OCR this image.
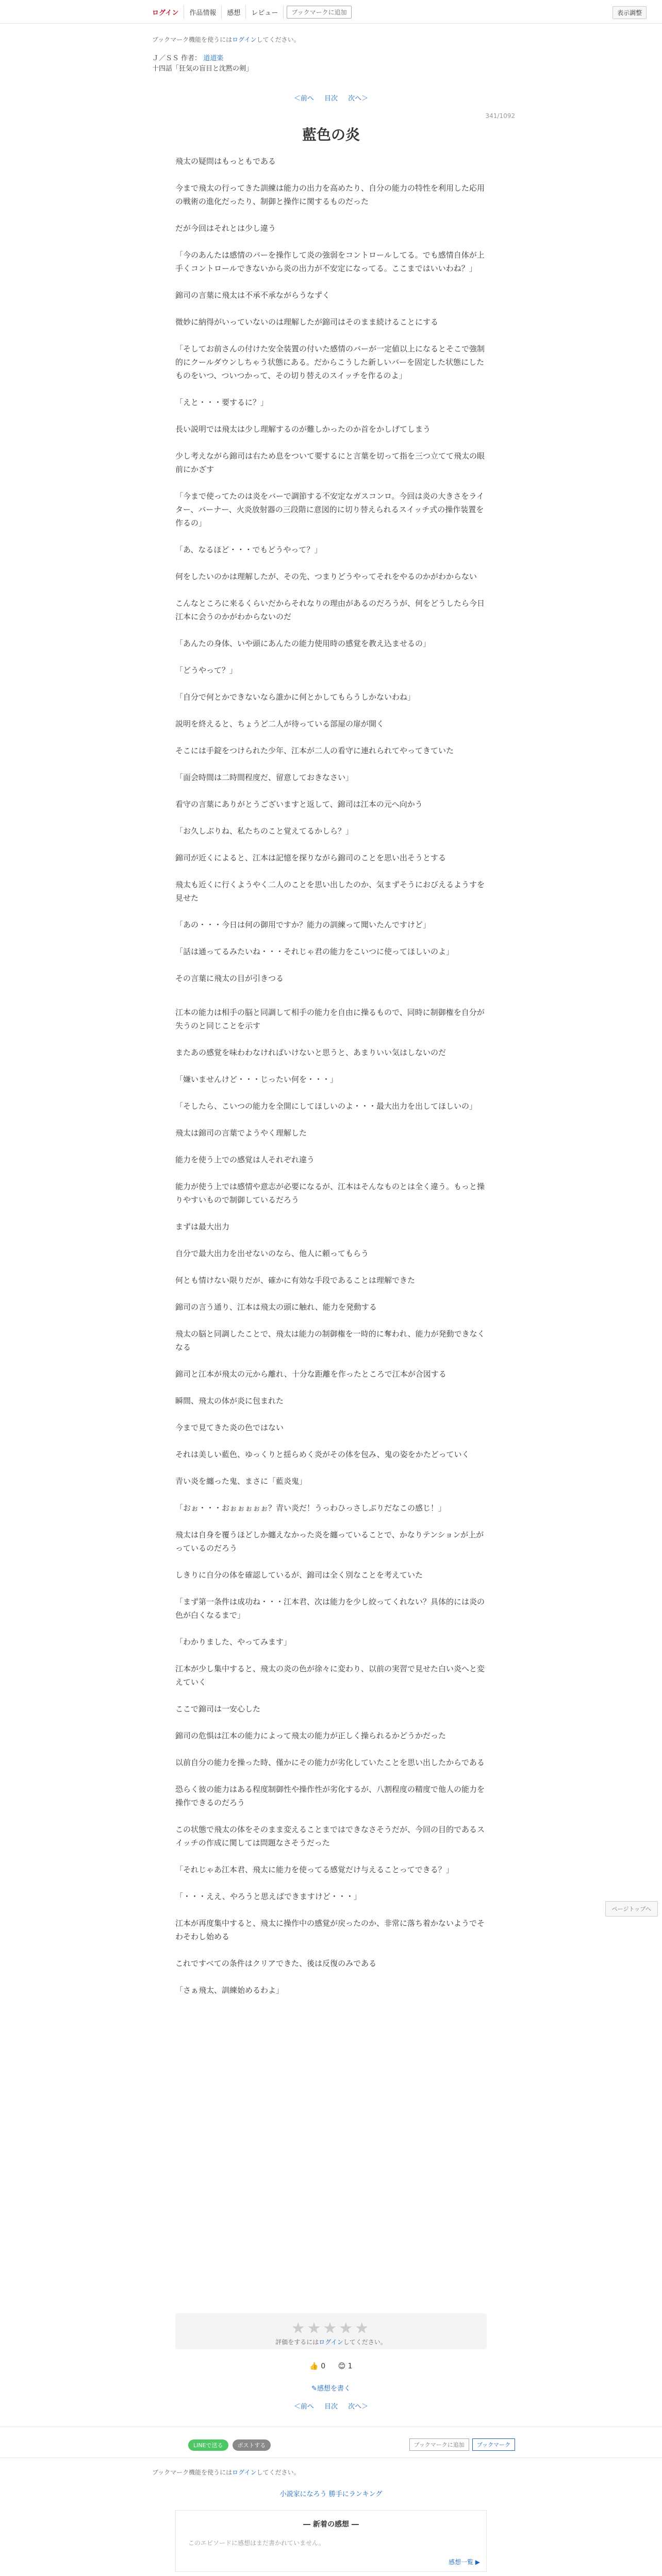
ログイン	作品情報	感想	レビュー	ブックマークに追加	表示調整
ブックマーク機能を使うにはログインしてください。
Ｊ／ＳＳ 作者： 道道楽
十四話「狂気の盲目と沈黙の剣」
＜前へ 目次 次へ＞
341/1092
藍色の炎

飛太の疑問はもっともである

今まで飛太の行ってきた訓練は能力の出力を高めたり、自分の能力の特性を利用した応用の戦術の進化だったり、制御と操作に関するものだった

だが今回はそれとは少し違う

「今のあんたは感情のバーを操作して炎の強弱をコントロールしてる。でも感情自体が上手くコントロールできないから炎の出力が不安定になってる。ここまではいいわね？」

錦司の言葉に飛太は不承不承ながらうなずく

微妙に納得がいっていないのは理解したが錦司はそのまま続けることにする

「そしてお前さんの付けた安全装置の付いた感情のバーが一定値以上になるとそこで強制的にクールダウンしちゃう状態にある。だからこうした新しいバーを固定した状態にしたものをいつ、ついつかって、その切り替えのスイッチを作るのよ」

「えと・・・要するに？」

長い説明では飛太は少し理解するのが難しかったのか首をかしげてしまう

少し考えながら錦司は右ため息をついて要するにと言葉を切って指を三つ立てて飛太の眼前にかざす

「今まで使ってたのは炎をバーで調節する不安定なガスコンロ。今回は炎の大きさをライター、バーナー、火炎放射器の三段階に意図的に切り替えられるスイッチ式の操作装置を作るの」

「あ、なるほど・・・でもどうやって？」

何をしたいのかは理解したが、その先、つまりどうやってそれをやるのかがわからない

こんなところに来るくらいだからそれなりの理由があるのだろうが、何をどうしたら今日江本に会うのかがわからないのだ

「あんたの身体、いや頭にあんたの能力使用時の感覚を教え込ませるの」

「どうやって？」

「自分で何とかできないなら誰かに何とかしてもらうしかないわね」

説明を終えると、ちょうど二人が待っている部屋の扉が開く

そこには手錠をつけられた少年、江本が二人の看守に連れられてやってきていた

「面会時間は二時間程度だ、留意しておきなさい」

看守の言葉にありがとうございますと返して、錦司は江本の元へ向かう

「お久しぶりね、私たちのこと覚えてるかしら？」

錦司が近くによると、江本は記憶を探りながら錦司のことを思い出そうとする

飛太も近くに行くようやく二人のことを思い出したのか、気まずそうにおびえるようすを見せた

「あの・・・今日は何の御用ですか？能力の訓練って聞いたんですけど」

「話は通ってるみたいね・・・それじゃ君の能力をこいつに使ってほしいのよ」

その言葉に飛太の目が引きつる

江本の能力は相手の脳と同調して相手の能力を自由に操るもので、同時に制御権を自分が失うのと同じことを示す

またあの感覚を味わわなければいけないと思うと、あまりいい気はしないのだ

「嫌いませんけど・・・じったい何を・・・」

「そしたら、こいつの能力を全開にしてほしいのよ・・・最大出力を出してほしいの」

飛太は錦司の言葉でようやく理解した

能力を使う上での感覚は人それぞれ違う

能力が使う上では感情や意志が必要になるが、江本はそんなものとは全く違う。もっと操りやすいもので制御しているだろう

まずは最大出力

自分で最大出力を出せないのなら、他人に頼ってもらう

何とも情けない限りだが、確かに有効な手段であることは理解できた

錦司の言う通り、江本は飛太の頭に触れ、能力を発動する

飛太の脳と同調したことで、飛太は能力の制御権を一時的に奪われ、能力が発動できなくなる

錦司と江本が飛太の元から離れ、十分な距離を作ったところで江本が合図する

瞬間、飛太の体が炎に包まれた

今まで見てきた炎の色ではない

それは美しい藍色、ゆっくりと揺らめく炎がその体を包み、鬼の姿をかたどっていく

青い炎を纏った鬼、まさに「藍炎鬼」

「おぉ・・・おぉぉぉぉぉ？青い炎だ！うっわひっさしぶりだなこの感じ！」

飛太は自身を覆うほどしか纏えなかった炎を纏っていることで、かなりテンションが上がっているのだろう

しきりに自分の体を確認しているが、錦司は全く別なことを考えていた

「まず第一条件は成功ね・・・江本君、次は能力を少し絞ってくれない？具体的には炎の色が白くなるまで」

「わかりました、やってみます」

江本が少し集中すると、飛太の炎の色が徐々に変わり、以前の実習で見せた白い炎へと変えていく

ここで錦司は一安心した

錦司の危惧は江本の能力によって飛太の能力が正しく操られるかどうかだった

以前自分の能力を操った時、僅かにその能力が劣化していたことを思い出したからである

恐らく彼の能力はある程度制御性や操作性が劣化するが、八割程度の精度で他人の能力を操作できるのだろう

この状態で飛太の体をそのまま変えることまではできなさそうだが、今回の目的であるスイッチの作成に関しては問題なさそうだった

「それじゃあ江本君、飛太に能力を使ってる感覚だけ与えることってできる？」

「・・・ええ、やろうと思えばできますけど・・・」

江本が再度集中すると、飛太に操作中の感覚が戻ったのか、非常に落ち着かないようでそわそわし始める

これですべての条件はクリアできた、後は反復のみである

「さぁ飛太、訓練始めるわよ」

★★★★★
評価をするにはログインしてください。
👍 0 😊 1
✎感想を書く
＜前へ 目次 次へ＞
LINEで送る	ポストする	ブックマークに追加	ブックマーク
ブックマーク機能を使うにはログインしてください。
小説家になろう 勝手にランキング
― 新着の感想 ―
このエピソードに感想はまだ書かれていません。
感想一覧 ▶
ページトップへ
